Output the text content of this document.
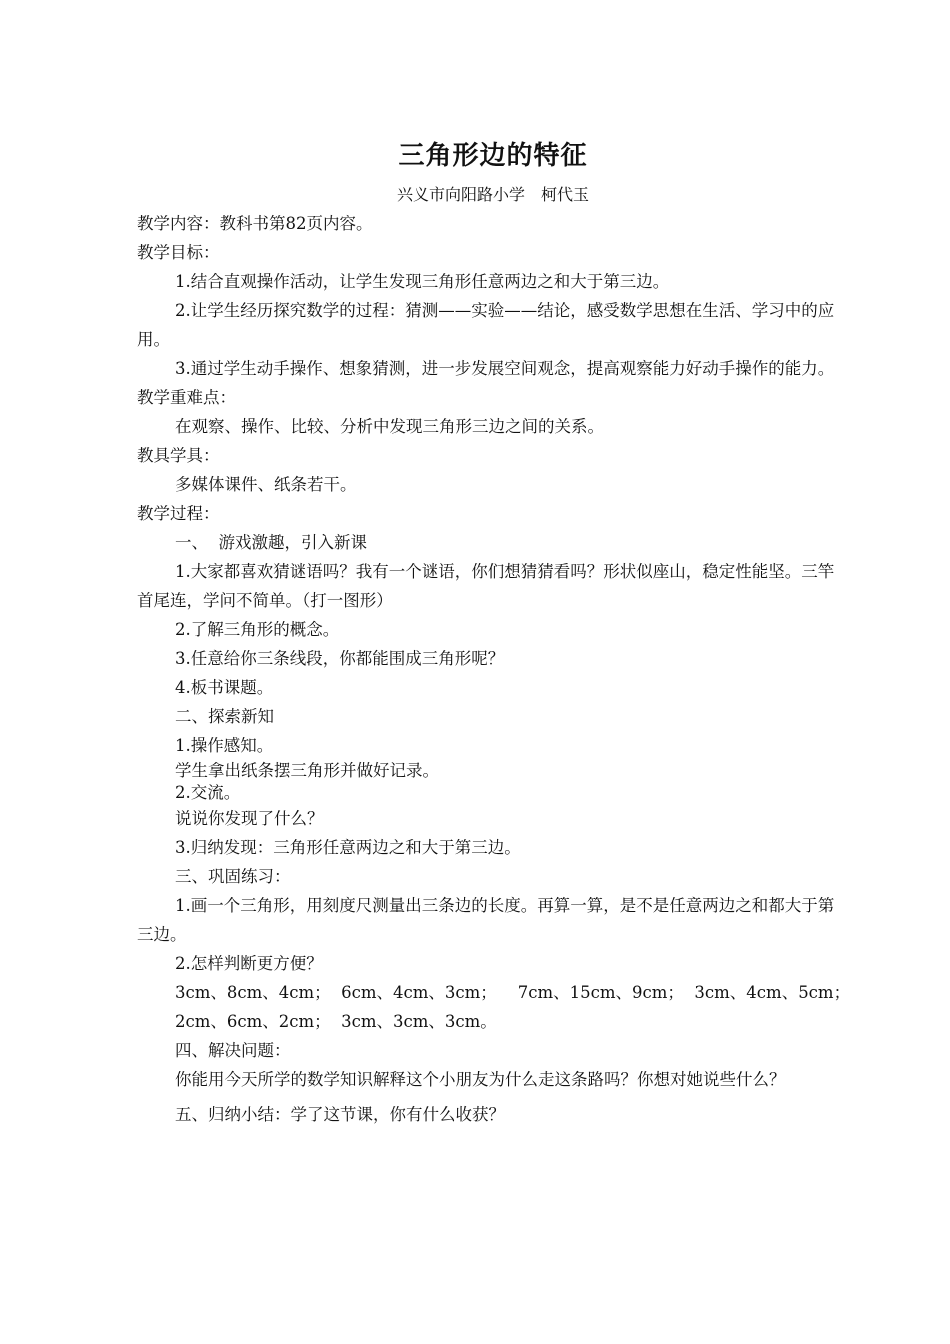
三角形边的特征

兴义市向阳路小学　柯代玉

教学内容：教科书第82页内容。

教学目标：

1.结合直观操作活动，让学生发现三角形任意两边之和大于第三边。

2.让学生经历探究数学的过程：猜测——实验——结论，感受数学思想在生活、学习中的应用。

3.通过学生动手操作、想象猜测，进一步发展空间观念，提高观察能力好动手操作的能力。

教学重难点：

在观察、操作、比较、分析中发现三角形三边之间的关系。

教具学具：

多媒体课件、纸条若干。

教学过程：

一、  游戏激趣，引入新课

1.大家都喜欢猜谜语吗？我有一个谜语，你们想猜猜看吗？形状似座山，稳定性能坚。三竿首尾连，学问不简单。（打一图形）

2.了解三角形的概念。

3.任意给你三条线段，你都能围成三角形呢？

4.板书课题。

二、探索新知

1.操作感知。

学生拿出纸条摆三角形并做好记录。

2.交流。

说说你发现了什么？

3.归纳发现：三角形任意两边之和大于第三边。

三、巩固练习：

1.画一个三角形，用刻度尺测量出三条边的长度。再算一算，是不是任意两边之和都大于第三边。

2.怎样判断更方便？

3cm、8cm、4cm；  6cm、4cm、3cm；    7cm、15cm、9cm；  3cm、4cm、5cm；

2cm、6cm、2cm；  3cm、3cm、3cm。

四、解决问题：

你能用今天所学的数学知识解释这个小朋友为什么走这条路吗？你想对她说些什么？

五、归纳小结：学了这节课，你有什么收获？
